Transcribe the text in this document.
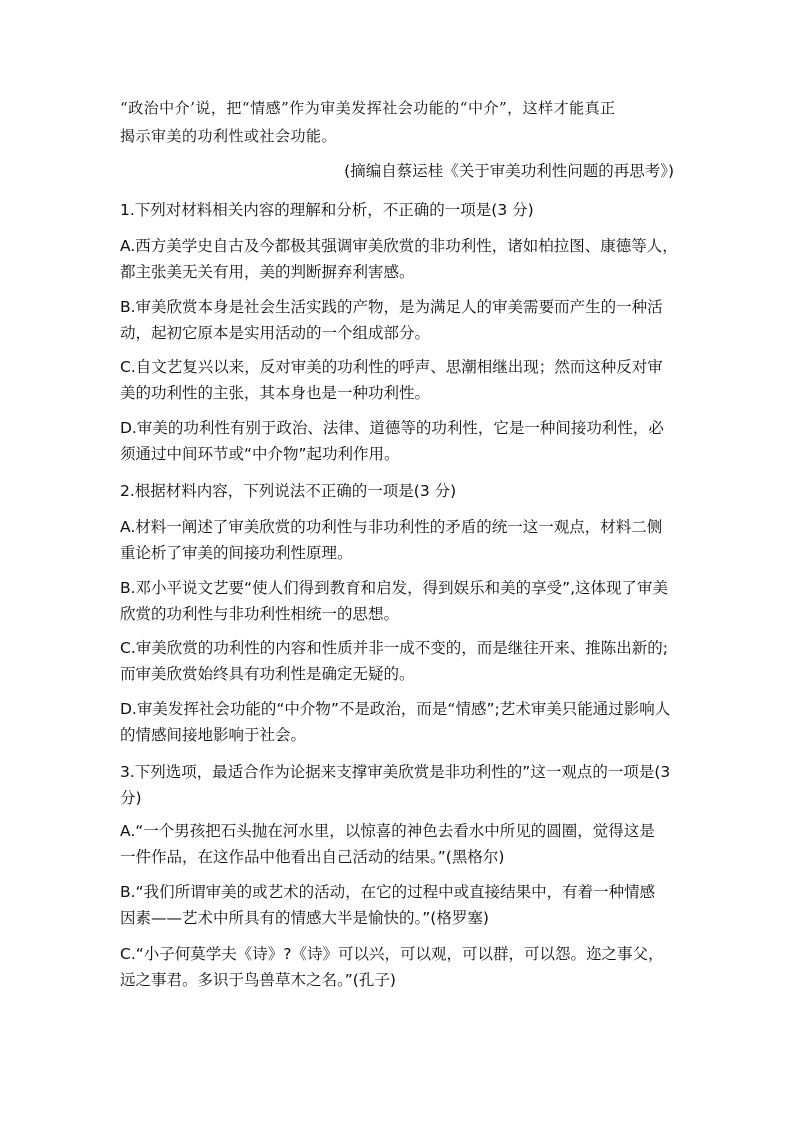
“政治中介’说，把“情感”作为审美发挥社会功能的“中介”，这样才能真正
揭示审美的功利性或社会功能。
(摘编自蔡运桂《关于审美功利性问题的再思考》)
1.下列对材料相关内容的理解和分析，不正确的一项是(3 分)
A.西方美学史自古及今都极其强调审美欣赏的非功利性，诸如柏拉图、康德等人，
都主张美无关有用，美的判断摒弃利害感。
B.审美欣赏本身是社会生活实践的产物，是为满足人的审美需要而产生的一种活
动，起初它原本是实用活动的一个组成部分。
C.自文艺复兴以来，反对审美的功利性的呼声、思潮相继出现；然而这种反对审
美的功利性的主张，其本身也是一种功利性。
D.审美的功利性有别于政治、法律、道德等的功利性，它是一种间接功利性，必
须通过中间环节或“中介物”起功利作用。
2.根据材料内容，下列说法不正确的一项是(3 分)
A.材料一阐述了审美欣赏的功利性与非功利性的矛盾的统一这一观点，材料二侧
重论析了审美的间接功利性原理。
B.邓小平说文艺要“使人们得到教育和启发，得到娱乐和美的享受”,这体现了审美
欣赏的功利性与非功利性相统一的思想。
C.审美欣赏的功利性的内容和性质并非一成不变的，而是继往开来、推陈出新的;
而审美欣赏始终具有功利性是确定无疑的。
D.审美发挥社会功能的“中介物”不是政治，而是“情感”;艺术审美只能通过影响人
的情感间接地影响于社会。
3.下列选项，最适合作为论据来支撑审美欣赏是非功利性的”这一观点的一项是(3
分)
A.“一个男孩把石头抛在河水里，以惊喜的神色去看水中所见的圆圈，觉得这是
一件作品，在这作品中他看出自己活动的结果。”(黑格尔)
B.“我们所谓审美的或艺术的活动，在它的过程中或直接结果中，有着一种情感
因素——艺术中所具有的情感大半是愉快的。”(格罗塞)
C.“小子何莫学夫《诗》?《诗》可以兴，可以观，可以群，可以怨。迩之事父，
远之事君。多识于鸟兽草木之名。”(孔子)
